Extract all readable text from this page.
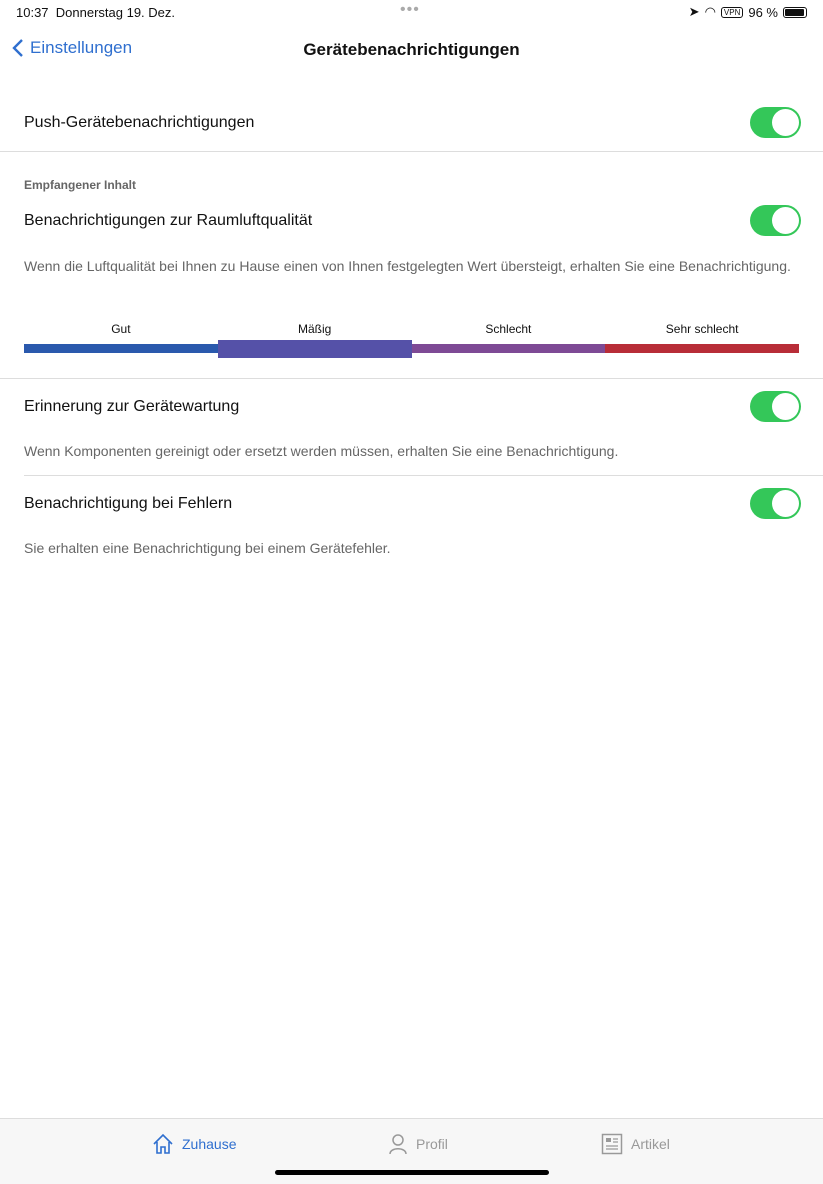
10:37 Donnerstag 19. Dez.	•••	➤ ◠	VPN 96 %
Einstellungen	Gerätebenachrichtigungen
Push-Gerätebenachrichtigungen
Empfangener Inhalt
Benachrichtigungen zur Raumluftqualität
Wenn die Luftqualität bei Ihnen zu Hause einen von Ihnen festgelegten Wert übersteigt, erhalten Sie eine Benachrichtigung.
Gut	Mäßig	Schlecht	Sehr schlecht
Erinnerung zur Gerätewartung
Wenn Komponenten gereinigt oder ersetzt werden müssen, erhalten Sie eine Benachrichtigung.
Benachrichtigung bei Fehlern
Sie erhalten eine Benachrichtigung bei einem Gerätefehler.
Zuhause	Profil	Artikel
